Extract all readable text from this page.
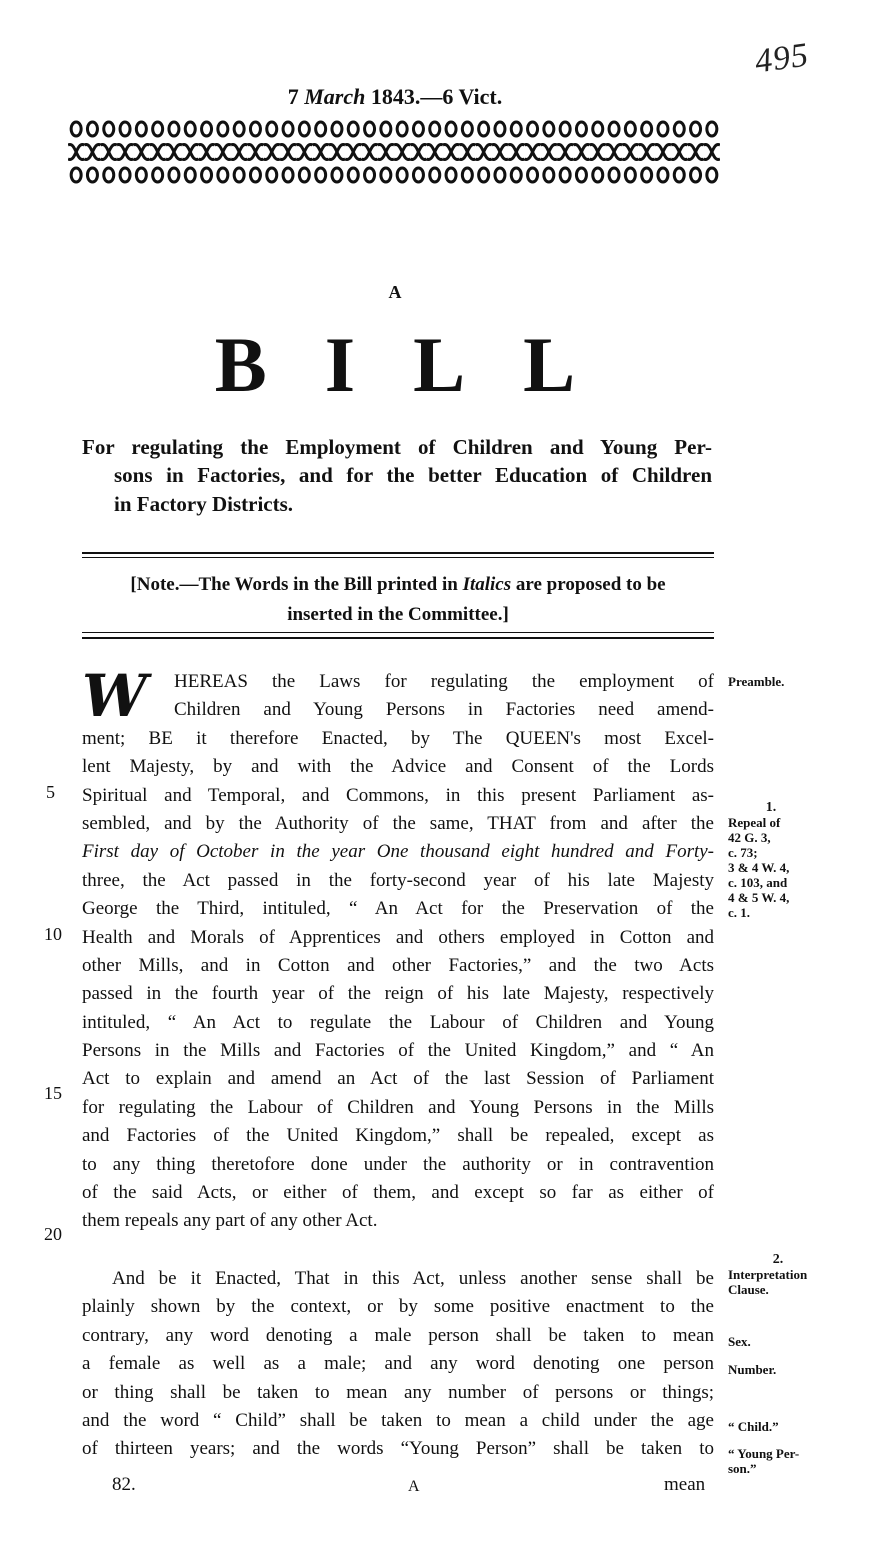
495
7 March 1843.—6 Vict.
A
BILL
For regulating the Employment of Children and Young Per-
sons in Factories, and for the better Education of Children
in Factory Districts.
[Note.—The Words in the Bill printed in Italics are proposed to be
inserted in the Committee.]
W	HEREAS the Laws for regulating the employment of
Children and Young Persons in Factories need amend-
ment; BE it therefore Enacted, by The QUEEN's most Excel-
lent Majesty, by and with the Advice and Consent of the Lords
Spiritual and Temporal, and Commons, in this present Parliament as-
sembled, and by the Authority of the same, THAT from and after the
First day of October in the year One thousand eight hundred and Forty-
three, the Act passed in the forty-second year of his late Majesty
George the Third, intituled, “ An Act for the Preservation of the
Health and Morals of Apprentices and others employed in Cotton and
other Mills, and in Cotton and other Factories,” and the two Acts
passed in the fourth year of the reign of his late Majesty, respectively
intituled, “ An Act to regulate the Labour of Children and Young
Persons in the Mills and Factories of the United Kingdom,” and “ An
Act to explain and amend an Act of the last Session of Parliament
for regulating the Labour of Children and Young Persons in the Mills
and Factories of the United Kingdom,” shall be repealed, except as
to any thing theretofore done under the authority or in contravention
of the said Acts, or either of them, and except so far as either of
them repeals any part of any other Act.
And be it Enacted, That in this Act, unless another sense shall be
plainly shown by the context, or by some positive enactment to the
contrary, any word denoting a male person shall be taken to mean
a female as well as a male; and any word denoting one person
or thing shall be taken to mean any number of persons or things;
and the word “ Child” shall be taken to mean a child under the age
of thirteen years; and the words “Young Person” shall be taken to
5
10
15
20
Preamble.
1.
Repeal of
42 G. 3,
c. 73;
3 & 4 W. 4,
c. 103, and
4 & 5 W. 4,
c. 1.
2.
Interpretation
Clause.
Sex.
Number.
“ Child.”
“ Young Per-
son.”
82.	A	mean
